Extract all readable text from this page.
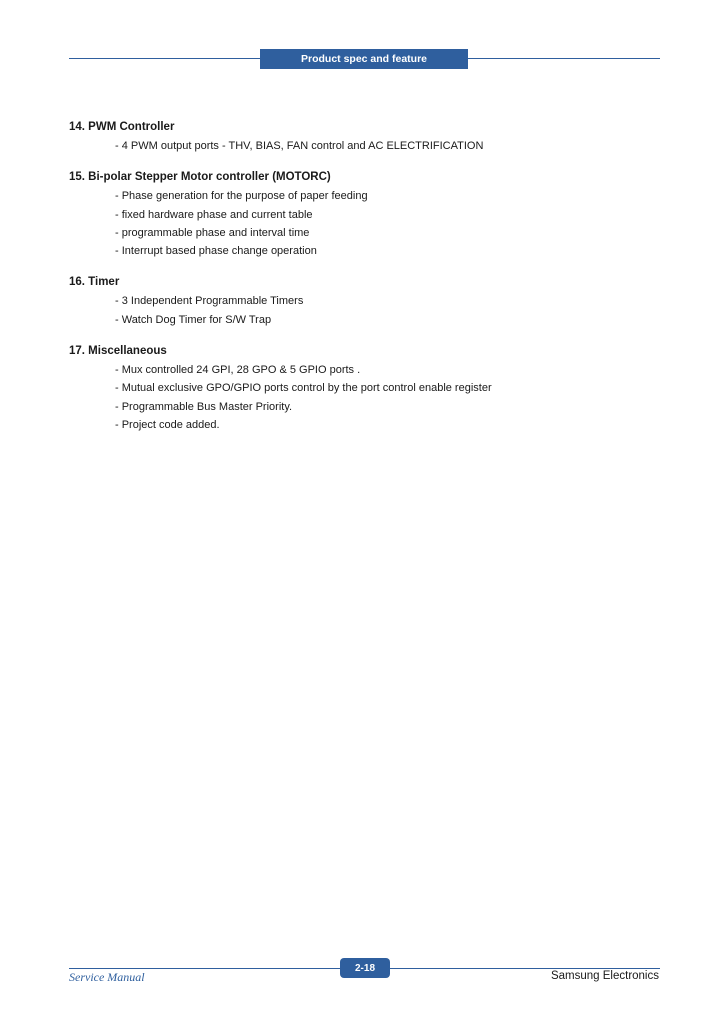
Product spec and feature
14. PWM Controller
- 4 PWM output ports - THV, BIAS, FAN control and AC ELECTRIFICATION
15. Bi-polar Stepper Motor controller (MOTORC)
- Phase generation for the purpose of paper feeding
- fixed hardware phase and current table
- programmable phase and interval time
- Interrupt based phase change operation
16. Timer
- 3 Independent Programmable Timers
- Watch Dog Timer for S/W Trap
17. Miscellaneous
- Mux controlled 24 GPI, 28 GPO & 5 GPIO ports .
- Mutual exclusive GPO/GPIO ports control by the port control enable register
- Programmable Bus Master Priority.
- Project code added.
2-18
Service Manual	Samsung Electronics
